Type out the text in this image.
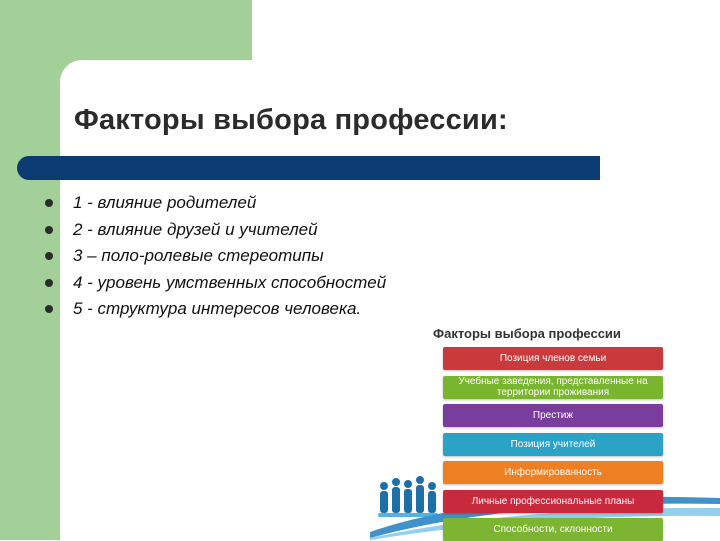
Факторы выбора профессии:
1 - влияние родителей
2 - влияние друзей и учителей
3 – поло-ролевые стереотипы
4 - уровень умственных способностей
5 - структура интересов человека.
Факторы выбора профессии
Позиция членов семьи
Учебные заведения, представленные на территории проживания
Престиж
Позиция учителей
Информированность
Личные профессиональные планы
Способности, склонности
